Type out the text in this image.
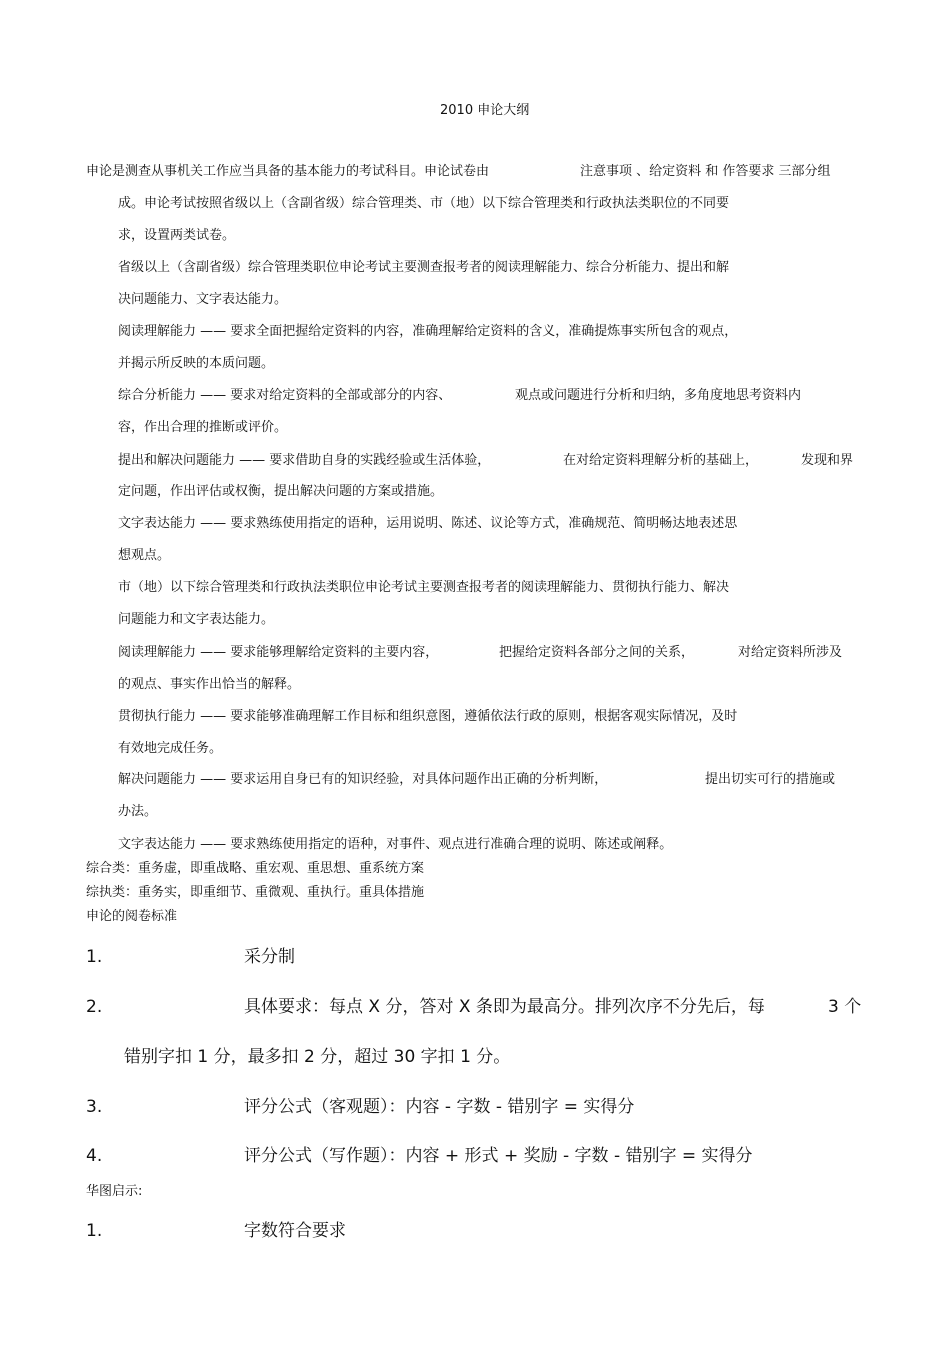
2010 申论大纲
申论是测查从事机关工作应当具备的基本能力的考试科目。申论试卷由	注意事项 、给定资料 和 作答要求 三部分组
成。申论考试按照省级以上（含副省级）综合管理类、市（地）以下综合管理类和行政执法类职位的不同要
求，设置两类试卷。
省级以上（含副省级）综合管理类职位申论考试主要测查报考者的阅读理解能力、综合分析能力、提出和解
决问题能力、文字表达能力。
阅读理解能力 —— 要求全面把握给定资料的内容，准确理解给定资料的含义，准确提炼事实所包含的观点，
并揭示所反映的本质问题。
综合分析能力 —— 要求对给定资料的全部或部分的内容、	观点或问题进行分析和归纳，多角度地思考资料内
容，作出合理的推断或评价。
提出和解决问题能力 —— 要求借助自身的实践经验或生活体验，	在对给定资料理解分析的基础上，	发现和界
定问题，作出评估或权衡，提出解决问题的方案或措施。
文字表达能力 —— 要求熟练使用指定的语种，运用说明、陈述、议论等方式，准确规范、简明畅达地表述思
想观点。
市（地）以下综合管理类和行政执法类职位申论考试主要测查报考者的阅读理解能力、贯彻执行能力、解决
问题能力和文字表达能力。
阅读理解能力 —— 要求能够理解给定资料的主要内容，	把握给定资料各部分之间的关系，	对给定资料所涉及
的观点、事实作出恰当的解释。
贯彻执行能力 —— 要求能够准确理解工作目标和组织意图，遵循依法行政的原则，根据客观实际情况，及时
有效地完成任务。
解决问题能力 —— 要求运用自身已有的知识经验，对具体问题作出正确的分析判断，	提出切实可行的措施或
办法。
文字表达能力 —— 要求熟练使用指定的语种，对事件、观点进行准确合理的说明、陈述或阐释。
综合类：重务虚，即重战略、重宏观、重思想、重系统方案
综执类：重务实，即重细节、重微观、重执行。重具体措施
申论的阅卷标准
1.	采分制
2.	具体要求：每点 X 分，答对 X 条即为最高分。排列次序不分先后，每	3 个
错别字扣 1 分，最多扣 2 分，超过 30 字扣 1 分。
3.	评分公式（客观题）：内容 - 字数 - 错别字 = 实得分
4.	评分公式（写作题）：内容 + 形式 + 奖励 - 字数 - 错别字 = 实得分
华图启示:
1.	字数符合要求
